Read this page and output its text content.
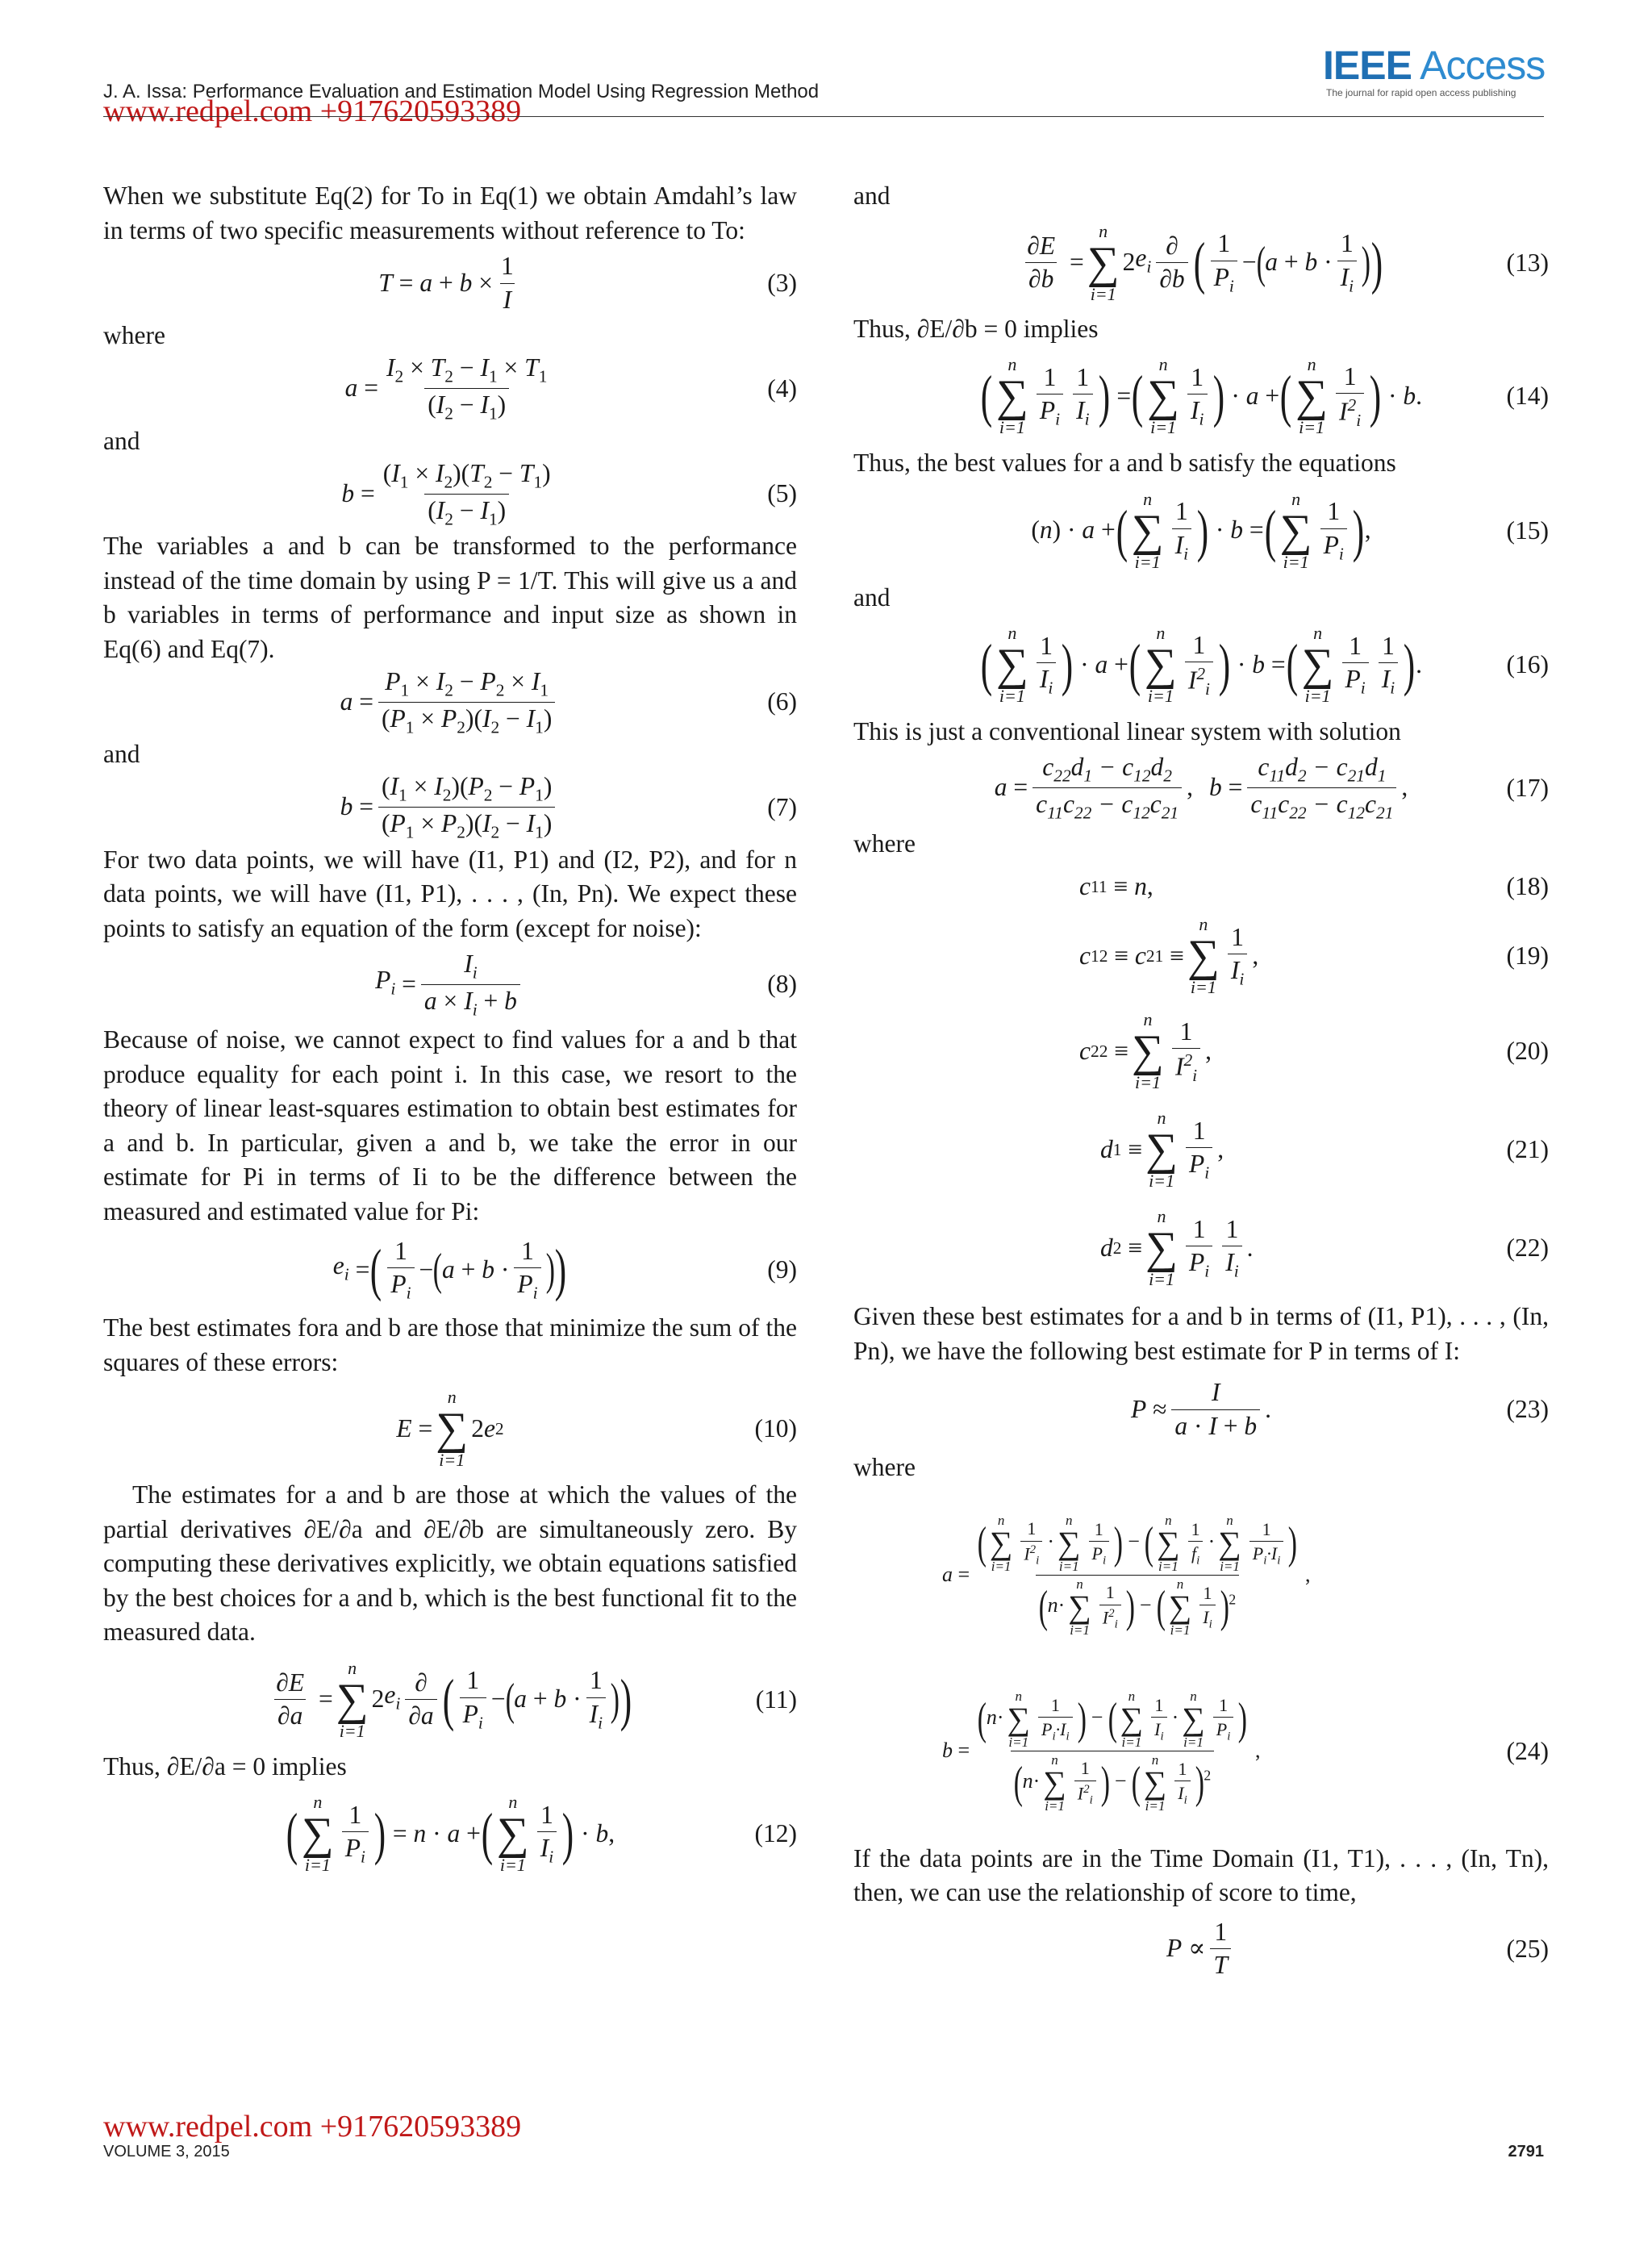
J. A. Issa: Performance Evaluation and Estimation Model Using Regression Method
www.redpel.com +917620593389
IEEE Access
The journal for rapid open access publishing

When we substitute Eq(2) for To in Eq(1) we obtain Amdahl’s law in terms of two specific measurements without reference to To:

$T = a + b \times \frac{1}{I}$	(3)

where

$a = \frac{I_2 \times T_2 - I_1 \times T_1}{(I_2 - I_1)}$	(4)

and

$b = \frac{(I_1 \times I_2)(T_2 - T_1)}{(I_2 - I_1)}$	(5)

The variables a and b can be transformed to the performance instead of the time domain by using P = 1/T. This will give us a and b variables in terms of performance and input size as shown in Eq(6) and Eq(7).

$a = \frac{P_1 \times I_2 - P_2 \times I_1}{(P_1 \times P_2)(I_2 - I_1)}$	(6)

and

$b = \frac{(I_1 \times I_2)(P_2 - P_1)}{(P_1 \times P_2)(I_2 - I_1)}$	(7)

For two data points, we will have (I1, P1) and (I2, P2), and for n data points, we will have (I1, P1), . . . , (In, Pn). We expect these points to satisfy an equation of the form (except for noise):

$P_i = \frac{I_i}{a \times I_i + b}$	(8)

Because of noise, we cannot expect to find values for a and b that produce equality for each point i. In this case, we resort to the theory of linear least-squares estimation to obtain best estimates for a and b. In particular, given a and b, we take the error in our estimate for Pi in terms of Ii to be the difference between the measured and estimated value for Pi:

$e_i$ = ( $\frac{1}{P_i}$ − ( $a + b \cdot \frac{1}{P_i}$ ) )	(9)

The best estimates fora and b are those that minimize the sum of the squares of these errors:

E =
n
∑
i=1
2 e 2	(10)

The estimates for a and b are those at which the values of the partial derivatives ∂E/∂a and ∂E/∂b are simultaneously zero. By computing these derivatives explicitly, we obtain equations satisfied by the best choices for a and b, which is the best functional fit to the measured data.

$\frac{\partial E}{\partial a}$ =
n
∑
i=1
2 $e_i \frac{\partial}{\partial a}$ ( $\frac{1}{P_i}$ − ( $a + b \cdot \frac{1}{I_i}$ ) )	(11)

Thus, ∂E/∂a = 0 implies

( n
∑
$i=1 \frac{1}{P_i}$ ) = n · a + ( n
∑
$i=1 \frac{1}{I_i}$ ) · b ,	(12)

and

$\frac{\partial E}{\partial b}$ =
n
∑
i=1
2 $e_i \frac{\partial}{\partial b}$ ( $\frac{1}{P_i}$ − ( $a + b \cdot \frac{1}{I_i}$ ) )	(13)

Thus, ∂E/∂b = 0 implies

( n
∑
$i=1 \frac{1}{P_i} \frac{1}{I_i}$ ) = ( n
∑
$i=1 \frac{1}{I_i}$ ) · a + ( n
∑
$i=1 \frac{1}{I^2_i}$ ) · b .	(14)

Thus, the best values for a and b satisfy the equations

( n ) · a + ( n
∑
$i=1 \frac{1}{I_i}$ ) · b = ( n
∑
$i=1 \frac{1}{P_i}$ ) ,	(15)

and

( n
∑
$i=1 \frac{1}{I_i}$ ) · a + ( n
∑
$i=1 \frac{1}{I^2_i}$ ) · b = ( n
∑
$i=1 \frac{1}{P_i} \frac{1}{I_i}$ ) .	(16)

This is just a conventional linear system with solution

$a = \frac{c_{22}d_1 - c_{12}d_2}{c_{11}c_{22} - c_{12}c_{21}}$ , $b = \frac{c_{11}d_2 - c_{21}d_1}{c_{11}c_{22} - c_{12}c_{21}}$ ,	(17)

where

c 11 ≡ n ,	(18)
c 12 ≡ c 21 ≡
n
∑
$i=1 \frac{1}{I_i}$ ,	(19)
c 22 ≡
n
∑
$i=1 \frac{1}{I^2_i}$ ,	(20)
d 1 ≡
n
∑
$i=1 \frac{1}{P_i}$ ,	(21)
d 2 ≡
n
∑
$i=1 \frac{1}{P_i} \frac{1}{I_i}$ .	(22)

Given these best estimates for a and b in terms of (I1, P1), . . . , (In, Pn), we have the following best estimate for P in terms of I:

$P \approx \frac{I}{a \cdot I + b}$ .	(23)

where

a =
( n
∑
$i=1 \frac{1}{I^2_i}$ ·
n
∑
$i=1 \frac{1}{P_i}$ ) − ( n
∑
$i=1 \frac{1}{f_i}$ ·
n
∑
$i=1 \frac{1}{P_i\cdot I_i}$ )
(n·
n
∑
$i=1 \frac{1}{I^2_i}$ ) − ( n
∑
$i=1 \frac{1}{I_i} )^2$
,
b = (n·
n
∑
$i=1 \frac{1}{P_i\cdot I_i}$ ) − ( n
∑
$i=1 \frac{1}{I_i}$ ·
n
∑
$i=1 \frac{1}{P_i}$ )
(n·
n
∑
$i=1 \frac{1}{I^2_i}$ ) − ( n
∑
$i=1 \frac{1}{I_i} )^2$ ,	(24)

If the data points are in the Time Domain (I1, T1), . . . , (In, Tn), then, we can use the relationship of score to time,

$P \propto \frac{1}{T}$	(25)
www.redpel.com +917620593389
VOLUME 3, 2015	2791
